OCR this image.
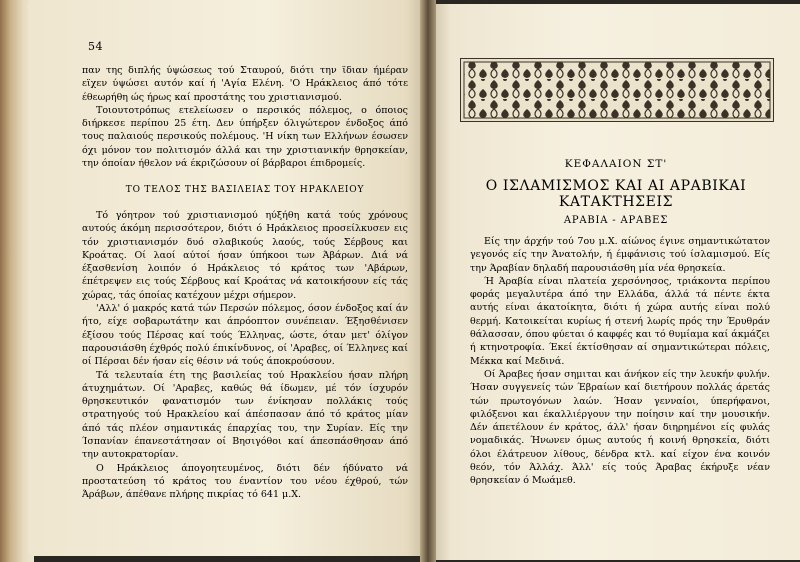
54

παν της διπλής ύψώσεως τού Σταυρού, διότι την ϊδιαν ήμέραν εϊχεν ύψώσει αυτόν καί ή 'Αγία Ελένη. 'Ο Ηράκλειος άπό τότε έθεωρήθη ώς ήρως καί προστάτης του χριστιανισμού.

Τοιουτοτρόπως ετελείωσεν ο περσικός πόλεμος, ο όποιος διήρκεσε περίπου 25 έτη. Δεν ύπήρξεν όλιγώτερον ένδοξος άπό τους παλαιούς περσικούς πολέμους. 'Η νίκη των Ελλήνων έσωσεν όχι μόνον τον πολιτισμόν άλλά και την χριστιανικήν θρησκείαν, την όποίαν ήθελον νά έκριζώσουν οί βάρβαροι έπιδρομείς.

ΤΟ ΤΕΛΟΣ ΤΗΣ ΒΑΣΙΛΕΙΑΣ ΤΟΥ ΗΡΑΚΛΕΙΟΥ

Τό γόητρον τού χριστιανισμού ηύξήθη κατά τούς χρόνους αυτούς άκόμη περισσότερον, διότι ό Ηράκλειος προσείλκυσεν εις τόν χριστιανισμόν δυό σλαβικούς λαούς, τούς Σέρβους και Κροάτας. Οί λαοί αύτοί ήσαν ύπήκοοι των Άβάρων. Διά νά έξασθενίση λοιπόν ό Ηράκλειος τό κράτος των 'Αβάρων, έπέτρεψεν εις τούς Σέρβους καί Κροάτας νά κατοικήσουν είς τάς χώρας, τάς όποίας κατέχουν μέχρι σήμερον.

'Αλλ' ό μακρός κατά τών Περσών πόλεμος, όσον ένδοξος καί άν ήτο, είχε σοβαρωτάτην και άπρόοπτον συνέπειαν. Έξησθένισεν έξίσου τούς Πέρσας καί τούς Έλληνας, ώστε, όταν μετ' όλίγον παρουσιάσθη έχθρός πολύ έπικίνδυνος, οί 'Αραβες, οί Έλληνες καί οί Πέρσαι δέν ήσαν είς θέσιν νά τούς άποκρούσουν.

Τά τελευταία έτη της βασιλείας τού Ηρακλείου ήσαν πλήρη άτυχημάτων. Οί 'Αραβες, καθώς θά ίδωμεν, μέ τόν ίσχυρόν θρησκευτικόν φανατισμόν των ένίκησαν πολλάκις τούς στρατηγούς τού Ηρακλείου καί άπέσπασαν άπό τό κράτος μίαν άπό τάς πλέον σημαντικάς έπαρχίας του, την Συρίαν. Είς την Ίσπανίαν έπανεστάτησαν οί Βησιγόθοι καί άπεσπάσθησαν άπό την αυτοκρατορίαν.

Ο Ηράκλειος άπογοητευμένος, διότι δέν ήδύνατο νά προστατεύση τό κράτος του έναντίον του νέου έχθρού, τών Άράβων, άπέθανε πλήρης πικρίας τό 641 μ.Χ.

ΚΕΦΑΛΑΙΟΝ ΣΤ'
Ο ΙΣΛΑΜΙΣΜΟΣ ΚΑΙ ΑΙ ΑΡΑΒΙΚΑΙ ΚΑΤΑΚΤΗΣΕΙΣ
ΑΡΑΒΙΑ - ΑΡΑΒΕΣ

Είς την άρχήν τού 7ου μ.Χ. αίώνος έγινε σημαντικώτατον γεγονός είς την Άνατολήν, ή έμφάνισις τού ίσλαμισμού. Είς την Άραβίαν δηλαδή παρουσιάσθη μία νέα θρησκεία.

Ή Άραβία είναι πλατεία χερσόνησος, τριάκοντα περίπου φοράς μεγαλυτέρα άπό την Ελλάδα, άλλά τά πέντε έκτα αυτής είναι άκατοίκητα, διότι ή χώρα αυτής είναι πολύ θερμή. Κατοικείται κυρίως ή στενή λωρίς πρός την Έρυθράν θάλασσαν, όπου φύεται ό καφφές και τό θυμίαμα καί άκμάζει ή κτηνοτροφία. Έκεί έκτίσθησαν αί σημαντικώτεραι πόλεις, Μέκκα καί Μεδινά.

Οί Άραβες ήσαν σημιται και άνήκον είς την λευκήν φυλήν. Ήσαν συγγενείς τών Έβραίων καί διετήρουν πολλάς άρετάς τών πρωτογόνων λαών. Ήσαν γενναίοι, ύπερήφανοι, φιλόξενοι και έκαλλιέργουν την ποίησιν καί την μουσικήν. Δέν άπετέλουν έν κράτος, άλλ' ήσαν διηρημένοι είς φυλάς νομαδικάς. Ήνωνεν όμως αυτούς ή κοινή θρησκεία, διότι όλοι έλάτρευον λίθους, δένδρα κτλ. καί είχον ένα κοινόν θεόν, τόν Άλλάχ. Άλλ' είς τούς Άραβας έκήρυξε νέαν θρησκείαν ό Μωάμεθ.
